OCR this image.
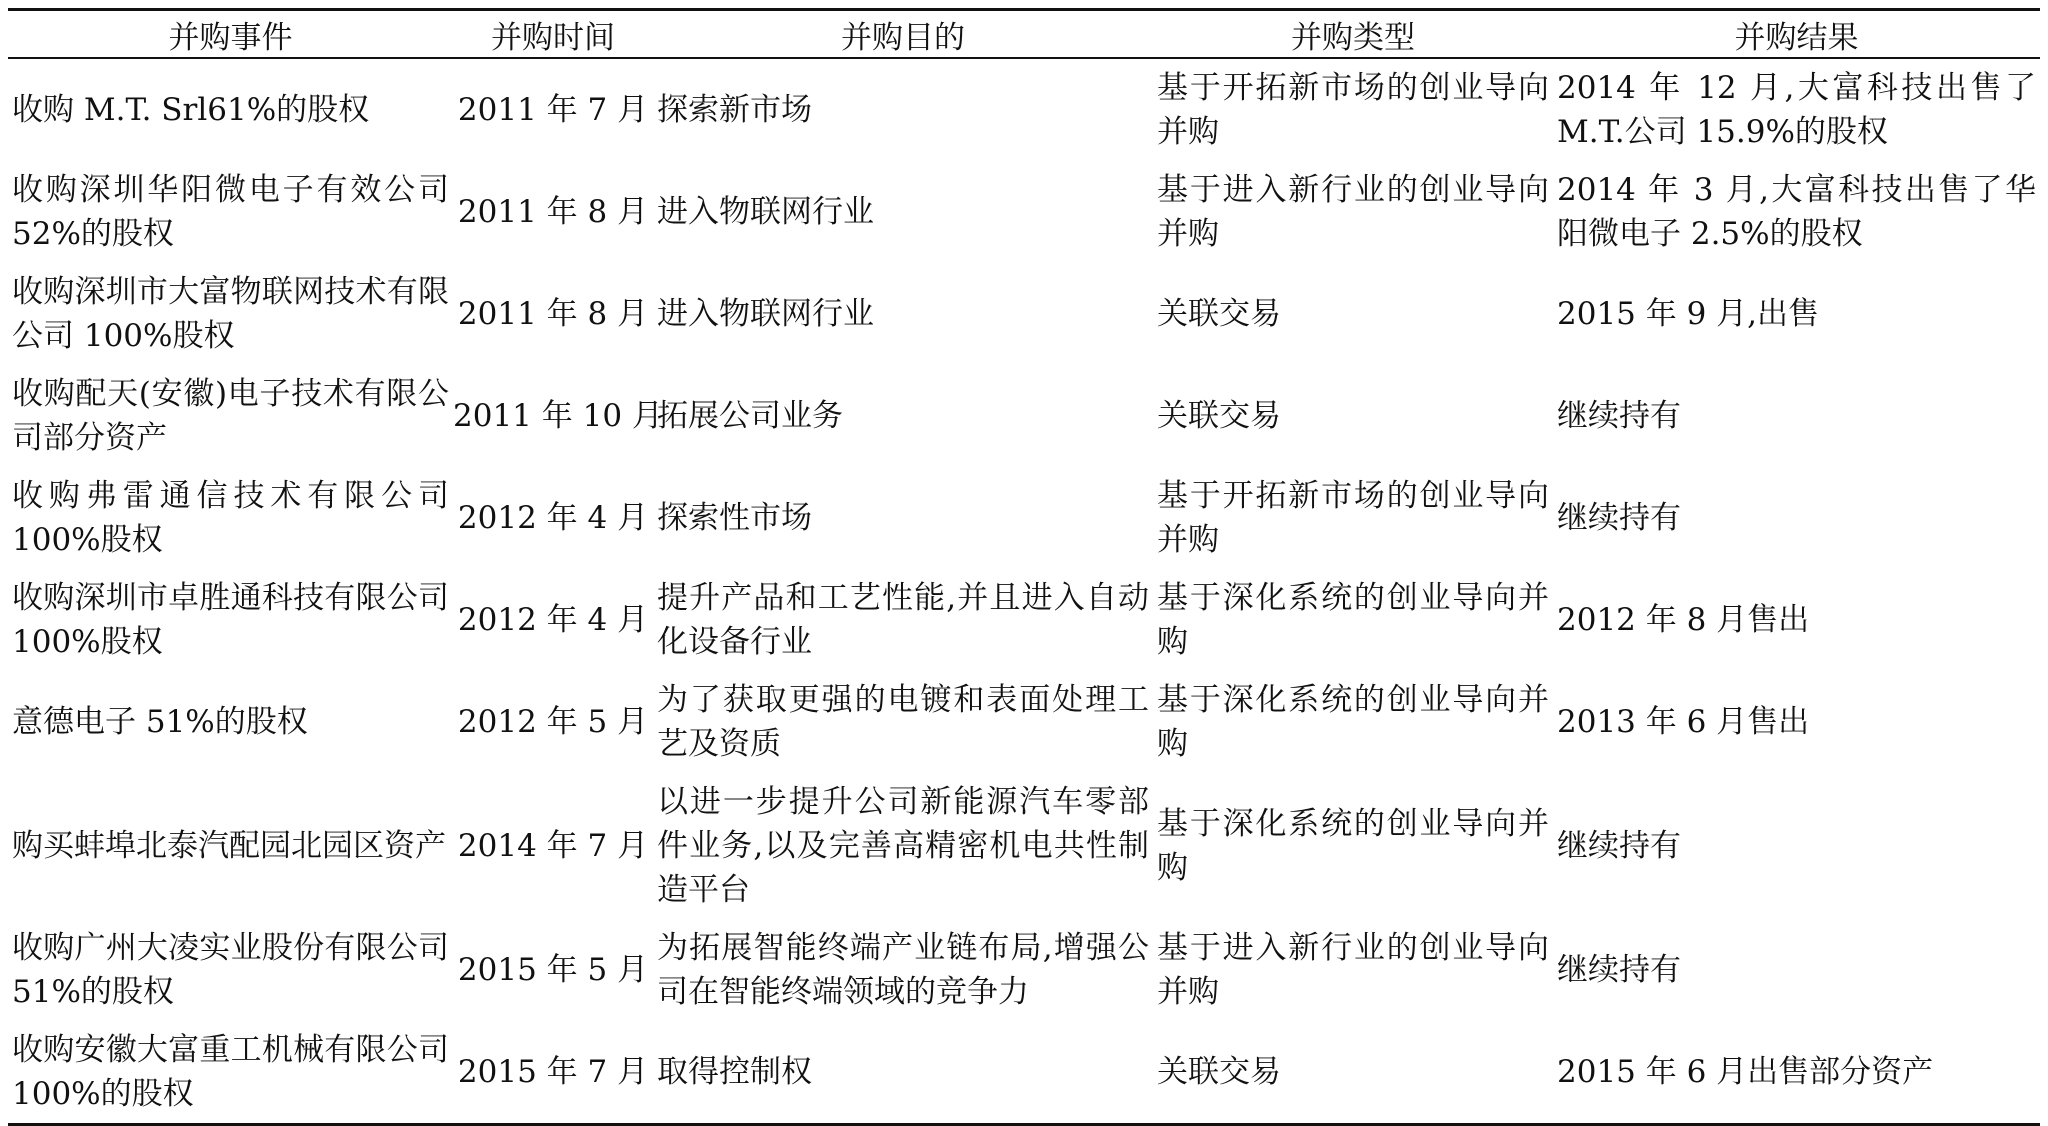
并购事件	并购时间	并购目的	并购类型	并购结果
收购 M.T. Srl61%的股权	2011 年 7 月	探索新市场	基于开拓新市场的创业导向并购	2014 年 12 月,大富科技出售了 M.T.公司 15.9%的股权
收购深圳华阳微电子有效公司 52%的股权	2011 年 8 月	进入物联网行业	基于进入新行业的创业导向并购	2014 年 3 月,大富科技出售了华阳微电子 2.5%的股权
收购深圳市大富物联网技术有限公司 100%股权	2011 年 8 月	进入物联网行业	关联交易	2015 年 9 月,出售
收购配天(安徽)电子技术有限公司部分资产	2011 年 10 月	拓展公司业务	关联交易	继续持有
收购弗雷通信技术有限公司 100%股权	2012 年 4 月	探索性市场	基于开拓新市场的创业导向并购	继续持有
收购深圳市卓胜通科技有限公司 100%股权	2012 年 4 月	提升产品和工艺性能,并且进入自动化设备行业	基于深化系统的创业导向并购	2012 年 8 月售出
意德电子 51%的股权	2012 年 5 月	为了获取更强的电镀和表面处理工艺及资质	基于深化系统的创业导向并购	2013 年 6 月售出
购买蚌埠北泰汽配园北园区资产	2014 年 7 月	以进一步提升公司新能源汽车零部件业务,以及完善高精密机电共性制造平台	基于深化系统的创业导向并购	继续持有
收购广州大凌实业股份有限公司 51%的股权	2015 年 5 月	为拓展智能终端产业链布局,增强公司在智能终端领域的竞争力	基于进入新行业的创业导向并购	继续持有
收购安徽大富重工机械有限公司 100%的股权	2015 年 7 月	取得控制权	关联交易	2015 年 6 月出售部分资产
